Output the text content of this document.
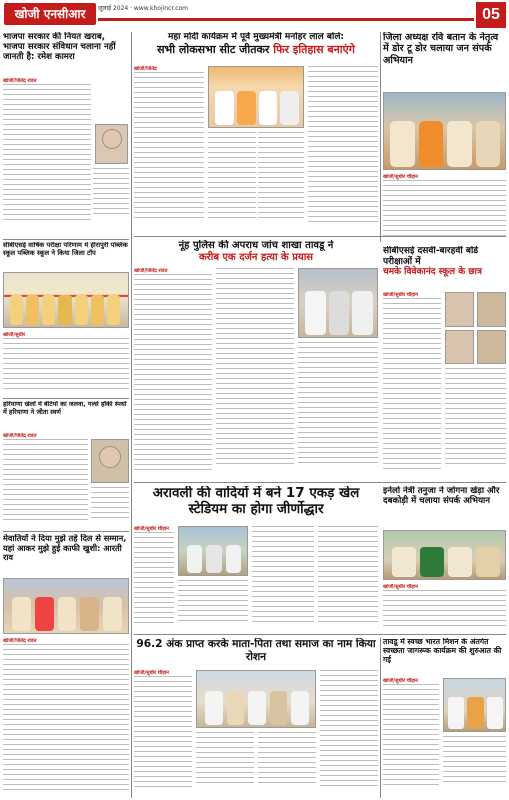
खोजी एनसीआर	जुलाई 2024 · www.khojincr.com	05
भाजपा सरकार की नियत खराब, भाजपा सरकार संविधान चलाना नहीं जानती है: रमेश कामरा
खोजी/जितेंद्र रावत
सीबीएसई वार्षिक परीक्षा परिणाम में हीरापुरी पब्लिक स्कूल पब्लिक स्कूल ने किया जिला टॉप
खोजी/सुधीर
हरियाणा खेलों में बेटियों का जलवा, गर्ल्स हॉकी स्पर्धा में हरियाणा ने जीता स्वर्ण
खोजी/जितेंद्र रावत
मेवातियों ने दिया मुझे तहे दिल से सम्मान, यहां आकर मुझे हुई काफी खुशी: आरती राव
खोजी/जितेंद्र रावत
महा मोदी कार्यक्रम में पूर्व मुख्यमंत्री मनोहर लाल बोले:
सभी लोकसभा सीट जीतकर फिर इतिहास बनाएंगे
खोजी/जितेंद्र
जिला अध्यक्ष रवि बतान के नेतृत्व में डोर टू डोर चलाया जन संपर्क अभियान
खोजी/सुधीर चौहान
नूंह पुलिस की अपराध जांच शाखा तावडू ने
करीब एक दर्जन हत्या के प्रयास
खोजी/जितेंद्र रावत
सीबीएसई दसवीं-बारहवीं बोर्ड परीक्षाओं में
चमके विवेकानंद स्कूल के छात्र
खोजी/सुधीर चौहान
अरावली की वादियों में बने 17 एकड़ खेल स्टेडियम का होगा जीर्णोद्धार
खोजी/सुधीर चौहान
इनेलो नेत्री तनुजा ने जोगना खेड़ा और दबकोड़ी में चलाया संपर्क अभियान
खोजी/सुधीर चौहान
96.2 अंक प्राप्त करके माता-पिता तथा समाज का नाम किया रोशन
खोजी/सुधीर चौहान
तावडू में स्वच्छ भारत मिशन के अंतर्गत स्वच्छता जागरूक कार्यक्रम की शुरुआत की गई
खोजी/सुधीर चौहान
